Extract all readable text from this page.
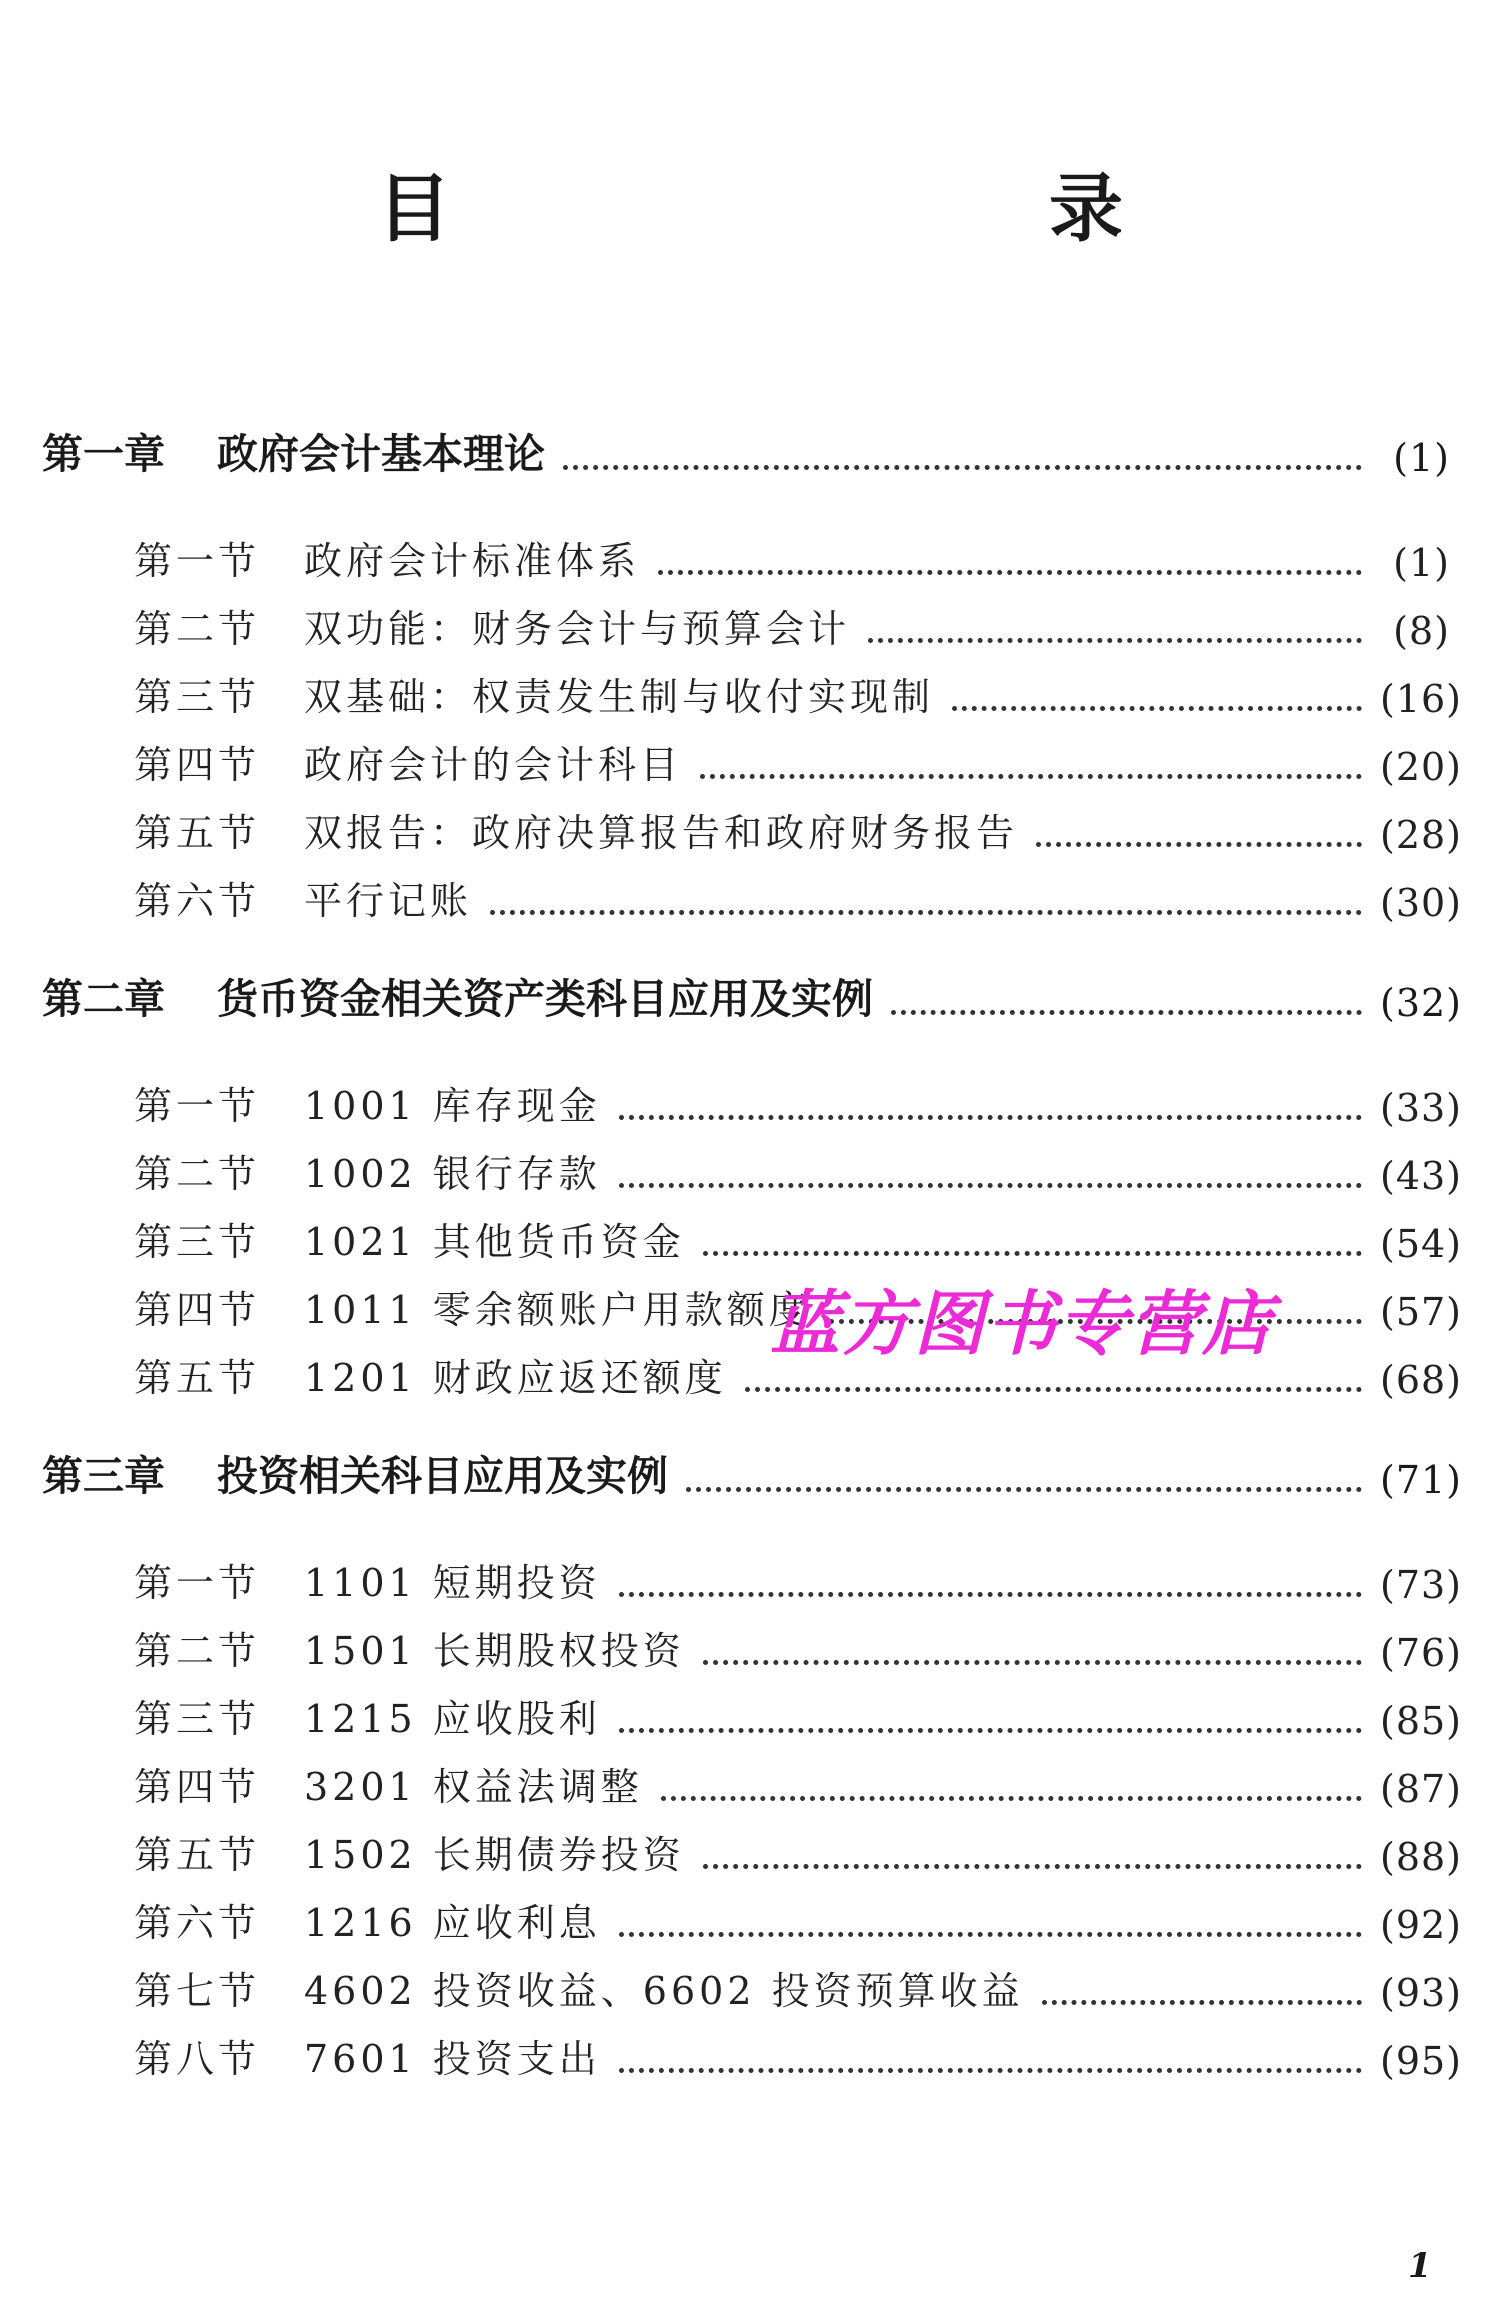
目　　录
第一章	政府会计基本理论	(1)
第一节	政府会计标准体系	(1)
第二节	双功能：财务会计与预算会计	(8)
第三节	双基础：权责发生制与收付实现制	(16)
第四节	政府会计的会计科目	(20)
第五节	双报告：政府决算报告和政府财务报告	(28)
第六节	平行记账	(30)
第二章	货币资金相关资产类科目应用及实例	(32)
第一节	1001 库存现金	(33)
第二节	1002 银行存款	(43)
第三节	1021 其他货币资金	(54)
第四节	1011 零余额账户用款额度	(57)
第五节	1201 财政应返还额度	(68)
第三章	投资相关科目应用及实例	(71)
第一节	1101 短期投资	(73)
第二节	1501 长期股权投资	(76)
第三节	1215 应收股利	(85)
第四节	3201 权益法调整	(87)
第五节	1502 长期债券投资	(88)
第六节	1216 应收利息	(92)
第七节	4602 投资收益、6602 投资预算收益	(93)
第八节	7601 投资支出	(95)
蓝方图书专营店
1
